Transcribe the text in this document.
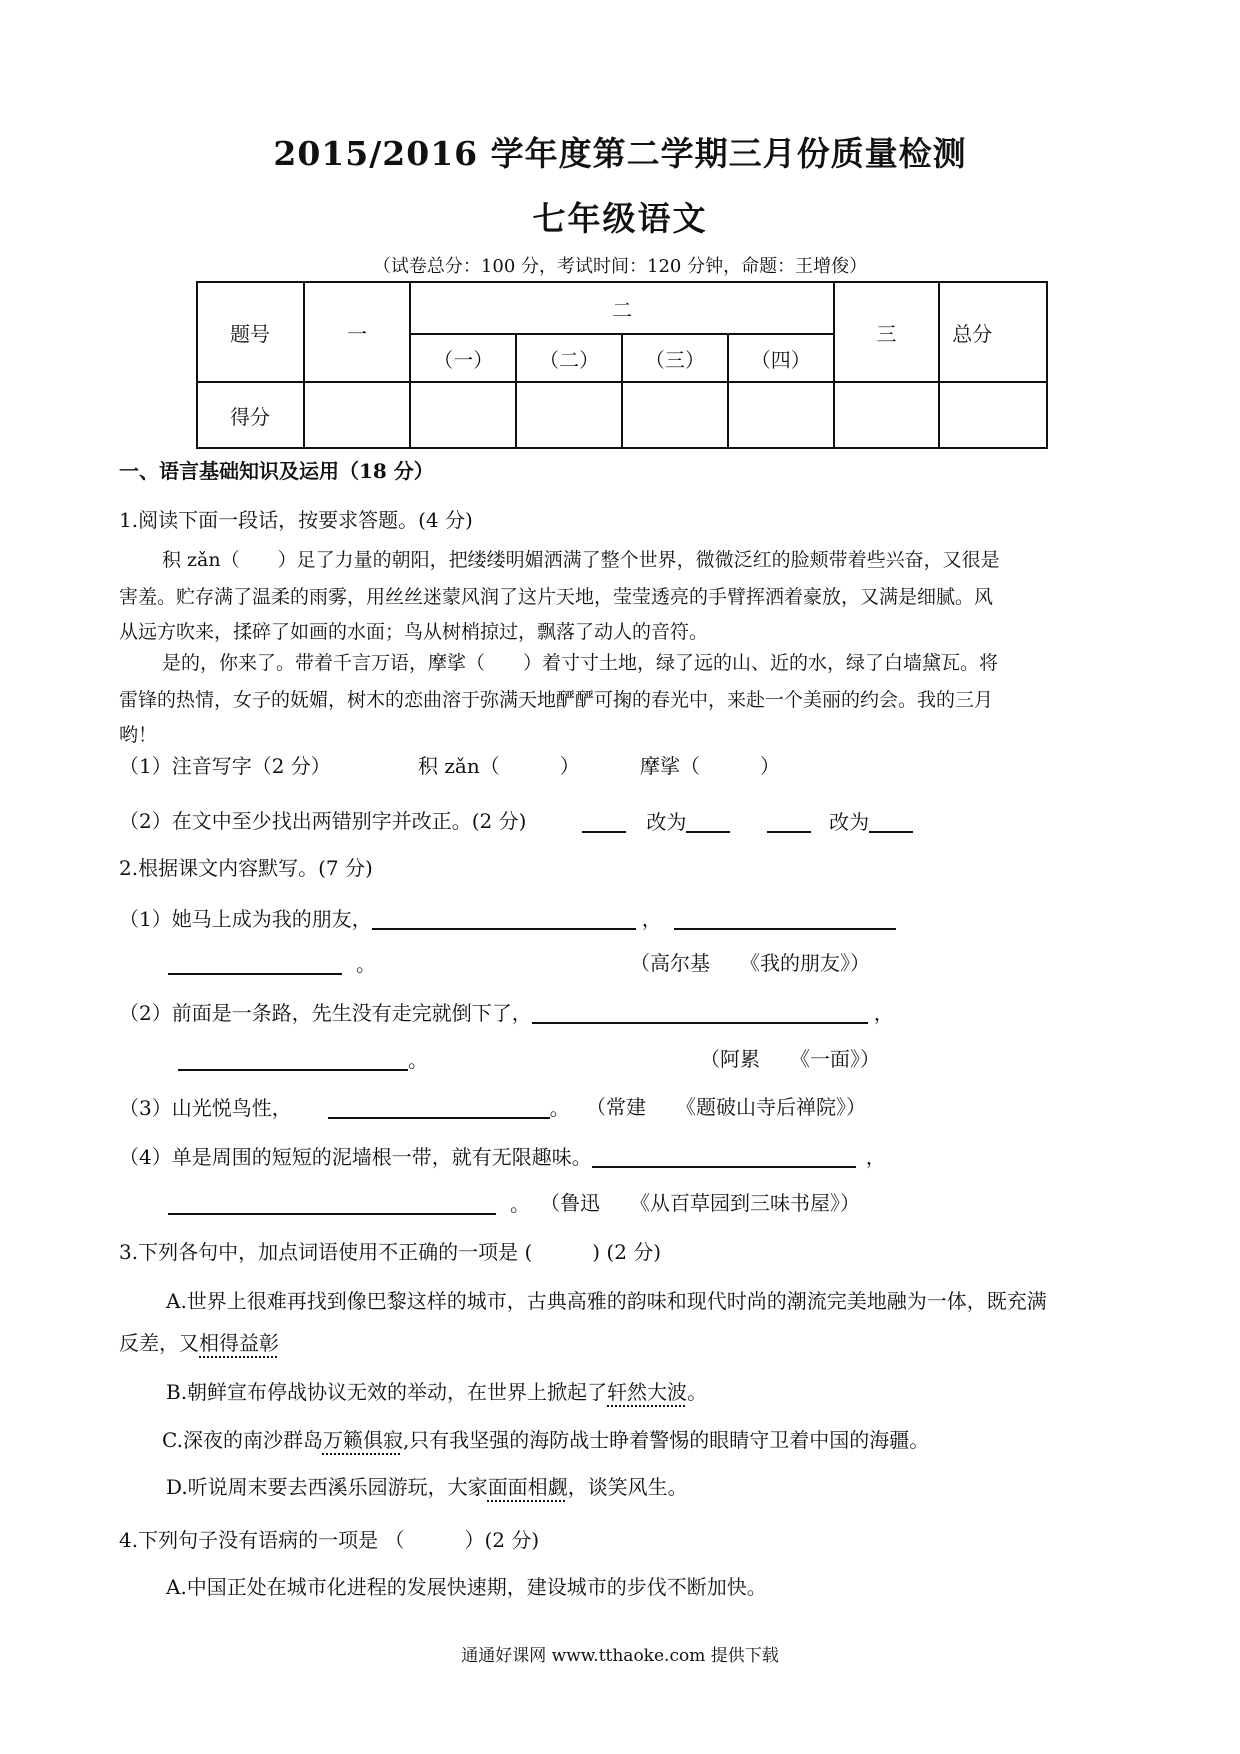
2015/2016 学年度第二学期三月份质量检测
七年级语文
（试卷总分：100 分，考试时间：120 分钟，命题：王增俊）
题号	一	二				三	总分
		（一）	（二）	（三）	（四）		
得分							
一、语言基础知识及运用（18 分）
1.阅读下面一段话，按要求答题。(4 分)
积 zǎn（　　）足了力量的朝阳，把缕缕明媚洒满了整个世界，微微泛红的脸颊带着些兴奋，又很是
害羞。贮存满了温柔的雨雾，用丝丝迷蒙风润了这片天地，莹莹透亮的手臂挥洒着豪放，又满是细腻。风
从远方吹来，揉碎了如画的水面；鸟从树梢掠过，飘落了动人的音符。
是的，你来了。带着千言万语，摩挲（　　）着寸寸土地，绿了远的山、近的水，绿了白墙黛瓦。将
雷锋的热情，女子的妩媚，树木的恋曲溶于弥满天地酽酽可掬的春光中，来赴一个美丽的约会。我的三月
哟！
（1）注音写字（2 分）	积 zǎn（　　　）	摩挲（　　　）
（2）在文中至少找出两错别字并改正。(2 分)	改为	改为
2.根据课文内容默写。(7 分)
（1）她马上成为我的朋友，	，
。	（高尔基　　《我的朋友》）
（2）前面是一条路，先生没有走完就倒下了，	，
。	（阿累　　《一面》）
（3）山光悦鸟性，	。 （常建　　《题破山寺后禅院》）
（4）单是周围的短短的泥墙根一带，就有无限趣味。	，
。 （鲁迅　　《从百草园到三味书屋》）
3.下列各句中，加点词语使用不正确的一项是 (　　　) (2 分)
A.世界上很难再找到像巴黎这样的城市，古典高雅的韵味和现代时尚的潮流完美地融为一体，既充满
反差，又相得益彰
B.朝鲜宣布停战协议无效的举动，在世界上掀起了轩然大波。
C.深夜的南沙群岛万籁俱寂,只有我坚强的海防战士睁着警惕的眼睛守卫着中国的海疆。
D.听说周末要去西溪乐园游玩，大家面面相觑，谈笑风生。
4.下列句子没有语病的一项是 （　　　）(2 分)
A.中国正处在城市化进程的发展快速期，建设城市的步伐不断加快。
通通好课网 www.tthaoke.com 提供下载
